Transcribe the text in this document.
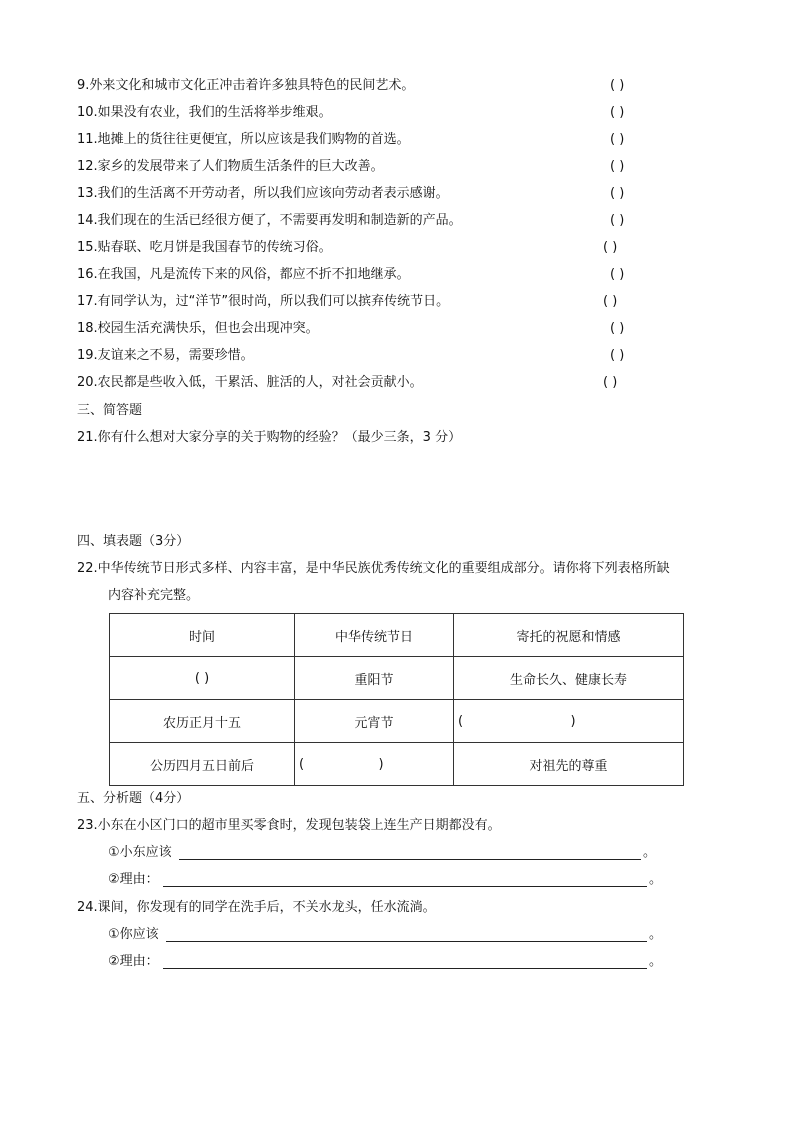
9.外来文化和城市文化正冲击着许多独具特色的民间艺术。	( )
10.如果没有农业，我们的生活将举步维艰。	( )
11.地摊上的货往往更便宜，所以应该是我们购物的首选。	( )
12.家乡的发展带来了人们物质生活条件的巨大改善。	( )
13.我们的生活离不开劳动者，所以我们应该向劳动者表示感谢。	( )
14.我们现在的生活已经很方便了，不需要再发明和制造新的产品。	( )
15.贴春联、吃月饼是我国春节的传统习俗。	( )
16.在我国，凡是流传下来的风俗，都应不折不扣地继承。	( )
17.有同学认为，过“洋节”很时尚，所以我们可以摈弃传统节日。	( )
18.校园生活充满快乐，但也会出现冲突。	( )
19.友谊来之不易，需要珍惜。	( )
20.农民都是些收入低，干累活、脏活的人，对社会贡献小。	( )
三、简答题
21.你有什么想对大家分享的关于购物的经验？（最少三条，3 分）
四、填表题（3分）
22.中华传统节日形式多样、内容丰富，是中华民族优秀传统文化的重要组成部分。请你将下列表格所缺
内容补充完整。
时间	中华传统节日	寄托的祝愿和情感
( )	重阳节	生命长久、健康长寿
农历正月十五	元宵节	(                          )
公历四月五日前后	(                  )	对祖先的尊重
五、分析题（4分）
23.小东在小区门口的超市里买零食时，发现包装袋上连生产日期都没有。
①小东应该	。
②理由：	。
24.课间，你发现有的同学在洗手后，不关水龙头，任水流淌。
①你应该	。
②理由：	。
